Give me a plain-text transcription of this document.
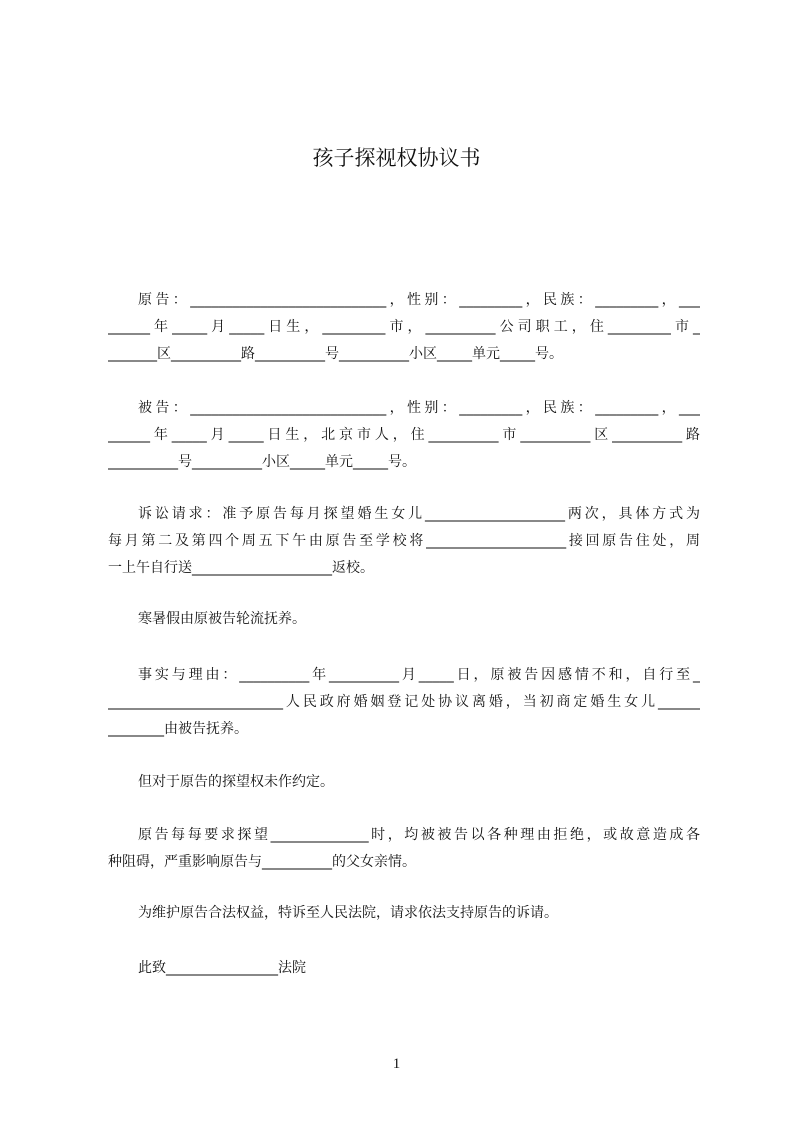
孩子探视权协议书
原告：____________________________，性别：_________，民族：_________，___
______年_____月_____日生，_________市，__________公司职工，住_________市_
_______区__________路__________号__________小区_____单元_____号。
被告：____________________________，性别：_________，民族：_________，___
______年_____月_____日生，北京市人，住__________市__________区__________路
__________号__________小区_____单元_____号。
诉讼请求：准予原告每月探望婚生女儿____________________两次，具体方式为
每月第二及第四个周五下午由原告至学校将____________________接回原告住处，周
一上午自行送____________________返校。
寒暑假由原被告轮流抚养。
事实与理由：__________年__________月_____日，原被告因感情不和，自行至_
_________________________人民政府婚姻登记处协议离婚，当初商定婚生女儿______
________由被告抚养。
但对于原告的探望权未作约定。
原告每每要求探望______________时，均被被告以各种理由拒绝，或故意造成各
种阻碍，严重影响原告与__________的父女亲情。
为维护原告合法权益，特诉至人民法院，请求依法支持原告的诉请。
此致________________法院
1
